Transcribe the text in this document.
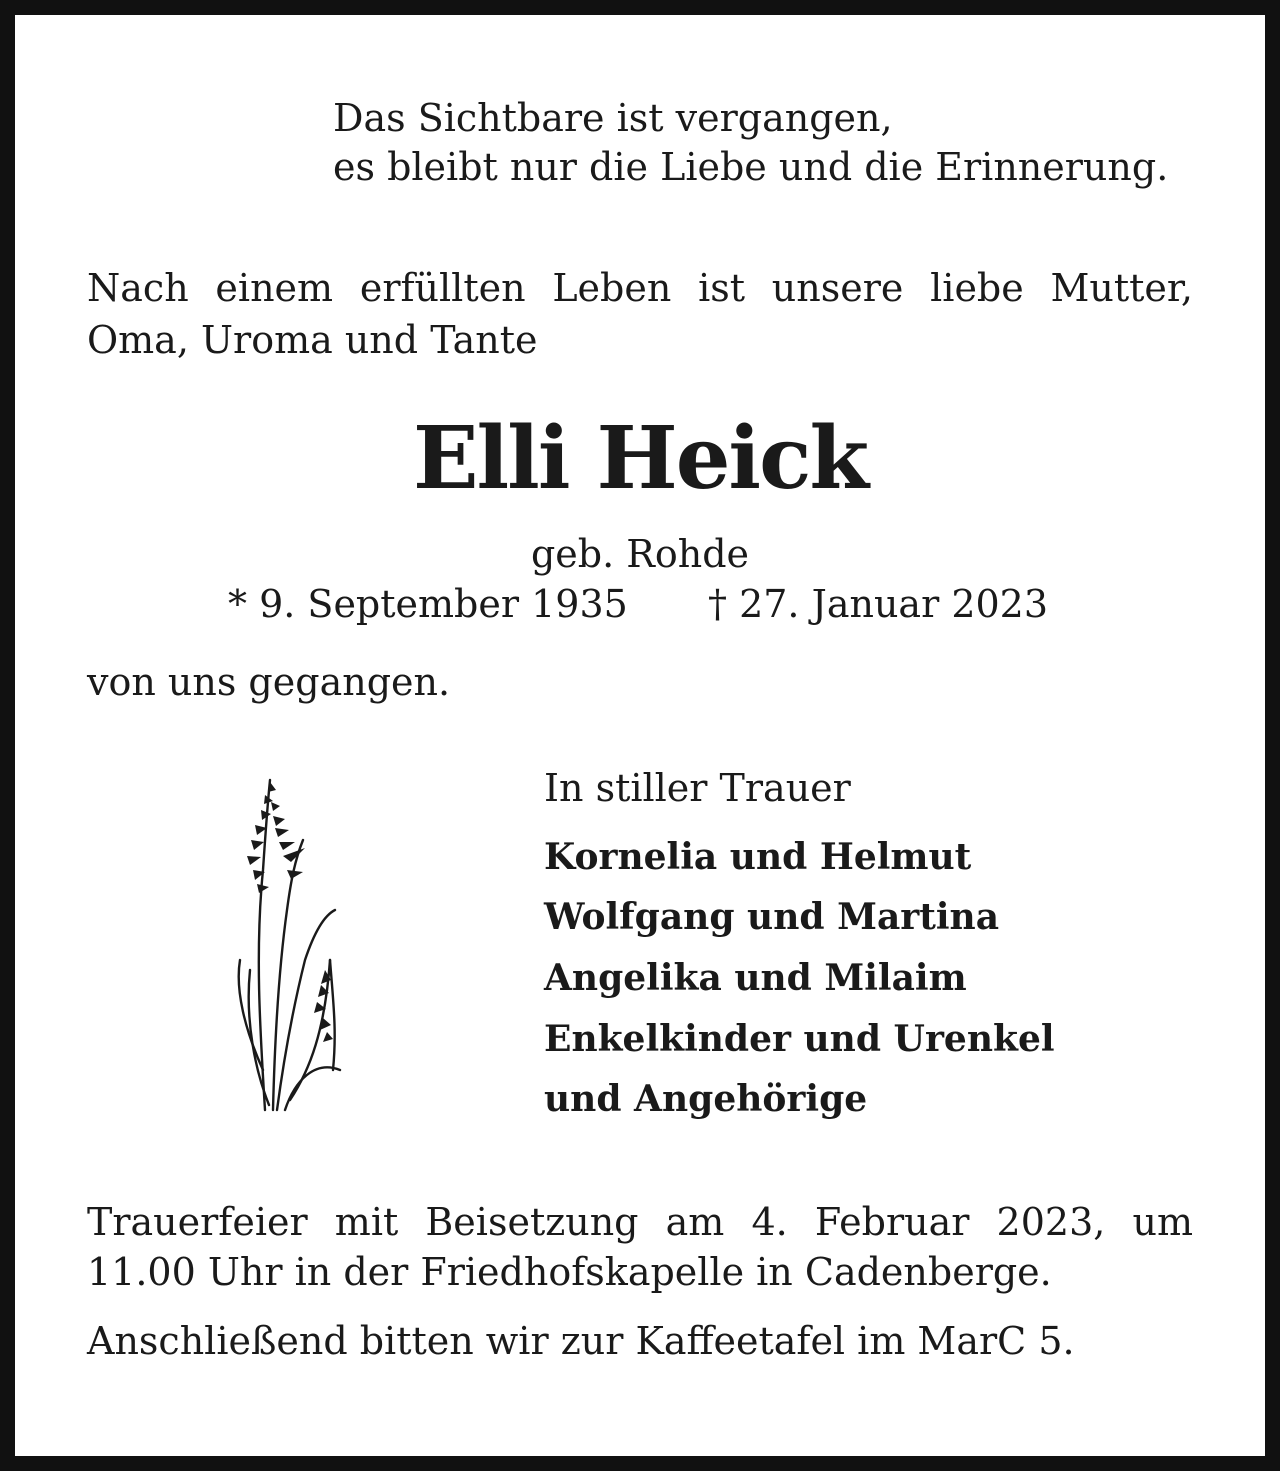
Das Sichtbare ist vergangen,

es bleibt nur die Liebe und die Erinnerung.

Nach einem erfüllten Leben ist unsere liebe Mutter,

Oma, Uroma und Tante

Elli Heick

geb. Rohde

* 9. September 1935 † 27. Januar 2023

von uns gegangen.

In stiller Trauer

Kornelia und Helmut

Wolfgang und Martina

Angelika und Milaim

Enkelkinder und Urenkel

und Angehörige

Trauerfeier mit Beisetzung am 4. Februar 2023, um

11.00 Uhr in der Friedhofskapelle in Cadenberge.

Anschließend bitten wir zur Kaffeetafel im MarC 5.
